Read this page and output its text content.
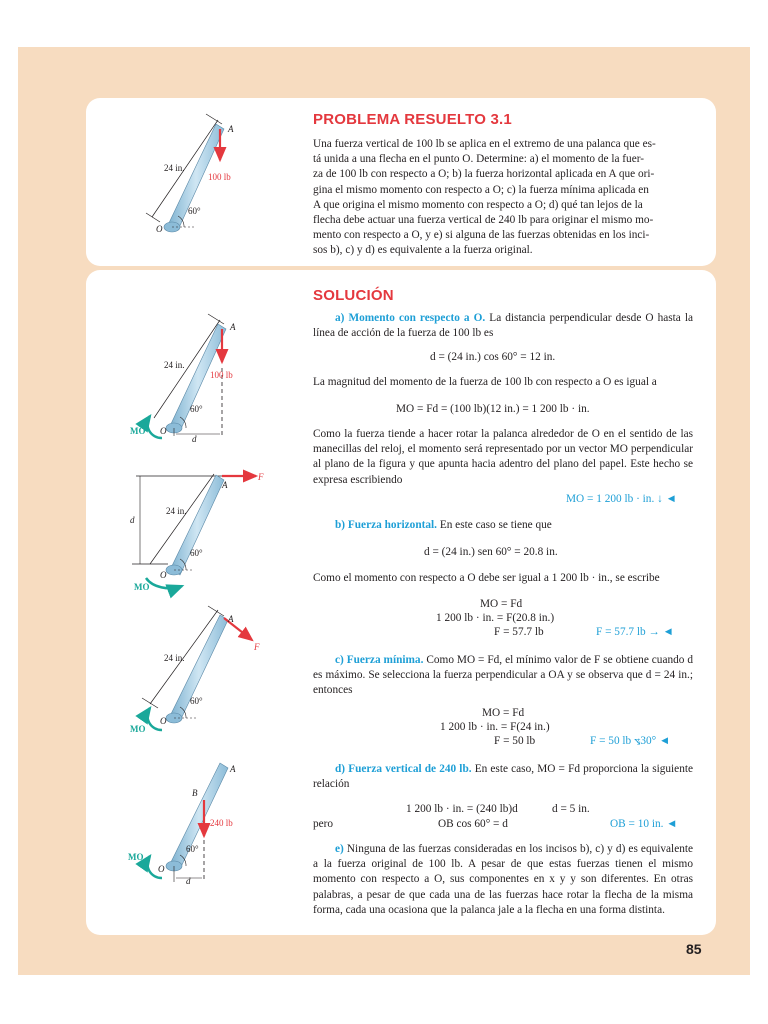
A
O
24 in.
100 lb
60°
PROBLEMA RESUELTO 3.1

Una fuerza vertical de 100 lb se aplica en el extremo de una palanca que es-

tá unida a una flecha en el punto O. Determine: a) el momento de la fuer-

za de 100 lb con respecto a O; b) la fuerza horizontal aplicada en A que ori-

gina el mismo momento con respecto a O; c) la fuerza mínima aplicada en

A que origina el mismo momento con respecto a O; d) qué tan lejos de la

flecha debe actuar una fuerza vertical de 240 lb para originar el mismo mo-

mento con respecto a O, y e) si alguna de las fuerzas obtenidas en los inci-

sos b), c) y d) es equivalente a la fuerza original.

A
O
24 in.
100 lb
60°
MO
d
A
O
F
d
24 in.
60°
MO
A
O
F
24 in.
60°
MO
A
B
O
240 lb
60°
MO
d
SOLUCIÓN

a) Momento con respecto a O. La distancia perpendicular desde O hasta la línea de acción de la fuerza de 100 lb es

d = (24 in.) cos 60° = 12 in.

La magnitud del momento de la fuerza de 100 lb con respecto a O es igual a

MO = Fd = (100 lb)(12 in.) = 1 200 lb · in.

Como la fuerza tiende a hacer rotar la palanca alrededor de O en el sentido de las manecillas del reloj, el momento será representado por un vector MO perpendicular al plano de la figura y que apunta hacia adentro del plano del papel. Este hecho se expresa escribiendo

MO = 1 200 lb · in. ↓ ◄

b) Fuerza horizontal. En este caso se tiene que

d = (24 in.) sen 60° = 20.8 in.

Como el momento con respecto a O debe ser igual a 1 200 lb · in., se escribe

MO = Fd
1 200 lb · in. = F(20.8 in.)
F = 57.7 lb	F = 57.7 lb → ◄

c) Fuerza mínima. Como MO = Fd, el mínimo valor de F se obtiene cuando d es máximo. Se selecciona la fuerza perpendicular a OA y se observa que d = 24 in.; entonces

MO = Fd
1 200 lb · in. = F(24 in.)
F = 50 lb	F = 50 lb ⦪30° ◄

d) Fuerza vertical de 240 lb. En este caso, MO = Fd proporciona la siguiente relación

1 200 lb · in. = (240 lb)d	d = 5 in.
pero	OB cos 60° = d	OB = 10 in. ◄

e) Ninguna de las fuerzas consideradas en los incisos b), c) y d) es equivalente a la fuerza original de 100 lb. A pesar de que estas fuerzas tienen el mismo momento con respecto a O, sus componentes en x y y son diferentes. En otras palabras, a pesar de que cada una de las fuerzas hace rotar la flecha de la misma forma, cada una ocasiona que la palanca jale a la flecha en una forma distinta.

85
